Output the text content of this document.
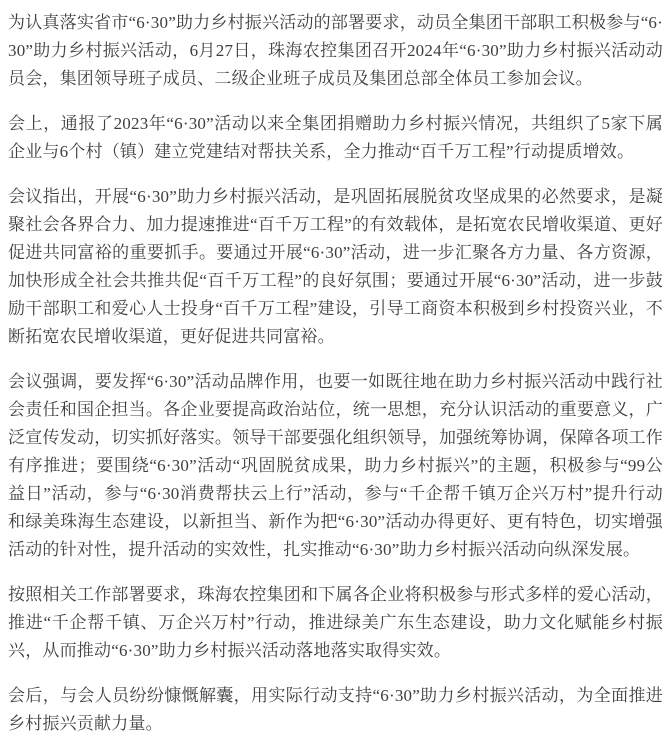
为认真落实省市“6·30”助力乡村振兴活动的部署要求，动员全集团干部职工积极参与“6·30”助力乡村振兴活动，6月27日，珠海农控集团召开2024年“6·30”助力乡村振兴活动动员会，集团领导班子成员、二级企业班子成员及集团总部全体员工参加会议。

会上，通报了2023年“6·30”活动以来全集团捐赠助力乡村振兴情况，共组织了5家下属企业与6个村（镇）建立党建结对帮扶关系，全力推动“百千万工程”行动提质增效。

会议指出，开展“6·30”助力乡村振兴活动，是巩固拓展脱贫攻坚成果的必然要求，是凝聚社会各界合力、加力提速推进“百千万工程”的有效载体，是拓宽农民增收渠道、更好促进共同富裕的重要抓手。要通过开展“6·30”活动，进一步汇聚各方力量、各方资源，加快形成全社会共推共促“百千万工程”的良好氛围；要通过开展“6·30”活动，进一步鼓励干部职工和爱心人士投身“百千万工程”建设，引导工商资本积极到乡村投资兴业，不断拓宽农民增收渠道，更好促进共同富裕。

会议强调，要发挥“6·30”活动品牌作用，也要一如既往地在助力乡村振兴活动中践行社会责任和国企担当。各企业要提高政治站位，统一思想，充分认识活动的重要意义，广泛宣传发动，切实抓好落实。领导干部要强化组织领导，加强统筹协调，保障各项工作有序推进；要围绕“6·30”活动“巩固脱贫成果，助力乡村振兴”的主题，积极参与“99公益日”活动，参与“6·30消费帮扶云上行”活动，参与“千企帮千镇万企兴万村”提升行动和绿美珠海生态建设，以新担当、新作为把“6·30”活动办得更好、更有特色，切实增强活动的针对性，提升活动的实效性，扎实推动“6·30”助力乡村振兴活动向纵深发展。

按照相关工作部署要求，珠海农控集团和下属各企业将积极参与形式多样的爱心活动，推进“千企帮千镇、万企兴万村”行动，推进绿美广东生态建设，助力文化赋能乡村振兴，从而推动“6·30”助力乡村振兴活动落地落实取得实效。

会后，与会人员纷纷慷慨解囊，用实际行动支持“6·30”助力乡村振兴活动，为全面推进乡村振兴贡献力量。
